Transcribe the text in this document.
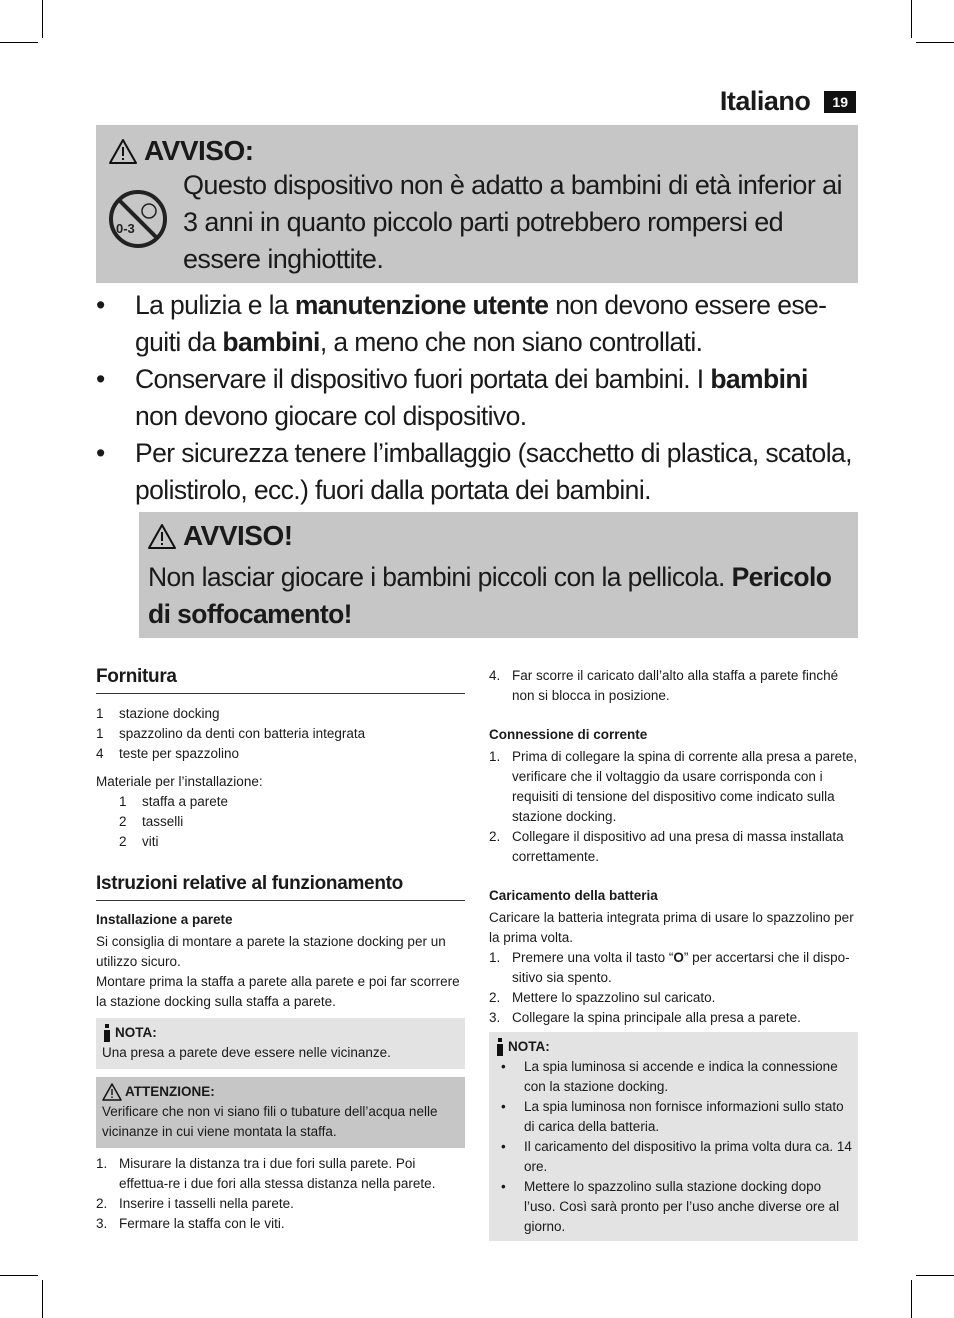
Italiano	19
AVVISO:
0-3
Questo dispositivo non è adatto a bambini di età inferior ai 3 anni in quanto piccolo parti potrebbero rompersi ed essere inghiottite.
• La pulizia e la manutenzione utente non devono essere ese-guiti da bambini, a meno che non siano controllati.
• Conservare il dispositivo fuori portata dei bambini. I bambini non devono giocare col dispositivo.
• Per sicurezza tenere l’imballaggio (sacchetto di plastica, scatola, polistirolo, ecc.) fuori dalla portata dei bambini.
AVVISO!
Non lasciar giocare i bambini piccoli con la pellicola. Pericolo di soffocamento!
Fornitura
1	stazione docking
1	spazzolino da denti con batteria integrata
4	teste per spazzolino
Materiale per l’installazione:
1	staffa a parete
2	tasselli
2	viti
Istruzioni relative al funzionamento
Installazione a parete
Si consiglia di montare a parete la stazione docking per un utilizzo sicuro.
Montare prima la staffa a parete alla parete e poi far scorrere la stazione docking sulla staffa a parete.
NOTA:
Una presa a parete deve essere nelle vicinanze.
ATTENZIONE:
Verificare che non vi siano fili o tubature dell’acqua nelle vicinanze in cui viene montata la staffa.
1. Misurare la distanza tra i due fori sulla parete. Poi effettua-re i due fori alla stessa distanza nella parete.
2. Inserire i tasselli nella parete.
3. Fermare la staffa con le viti.
4. Far scorre il caricato dall’alto alla staffa a parete finché non si blocca in posizione.
Connessione di corrente
1. Prima di collegare la spina di corrente alla presa a parete, verificare che il voltaggio da usare corrisponda con i requisiti di tensione del dispositivo come indicato sulla stazione docking.
2. Collegare il dispositivo ad una presa di massa installata correttamente.
Caricamento della batteria
Caricare la batteria integrata prima di usare lo spazzolino per la prima volta.
1. Premere una volta il tasto “O” per accertarsi che il dispo-sitivo sia spento.
2. Mettere lo spazzolino sul caricato.
3. Collegare la spina principale alla presa a parete.
NOTA:
•	La spia luminosa si accende e indica la connessione con la stazione docking.
•	La spia luminosa non fornisce informazioni sullo stato di carica della batteria.
•	Il caricamento del dispositivo la prima volta dura ca. 14 ore.
•	Mettere lo spazzolino sulla stazione docking dopo l’uso. Così sarà pronto per l’uso anche diverse ore al giorno.
